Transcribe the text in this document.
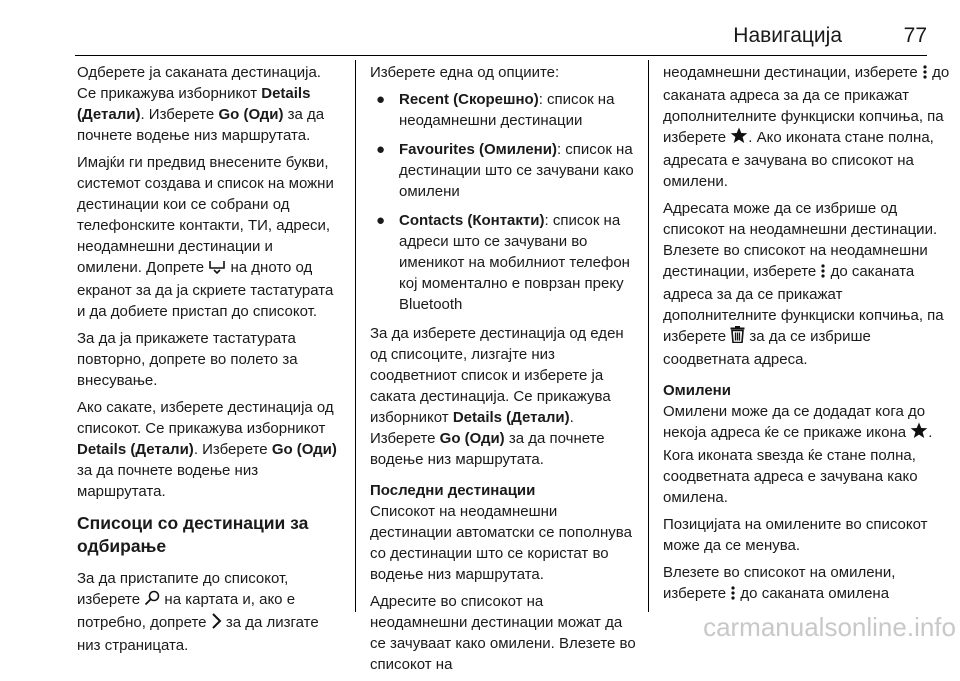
Навигација	77

Одберете ја саканата дестинација. Се прикажува изборникот Details (Детали). Изберете Go (Оди) за да почнете водење низ маршрутата.

Имајќи ги предвид внесените букви, системот создава и список на можни дестинации кои се собрани од телефонските контакти, ТИ, адреси, неодамнешни дестинации и омилени. Допрете  на дното од екранот за да ја скриете тастатурата и да добиете пристап до списокот.

За да ја прикажете тастатурата повторно, допрете во полето за внесување.

Ако сакате, изберете дестинација од списокот. Се прикажува изборникот Details (Детали). Изберете Go (Оди) за да почнете водење низ маршрутата.

Списоци со дестинации за одбирање

За да пристапите до списокот, изберете  на картата и, ако е потребно, допрете  за да лизгате низ страницата.

Изберете една од опциите:

● Recent (Скорешно): список на неодамнешни дестинации
● Favourites (Омилени): список на дестинации што се зачувани како омилени
● Contacts (Контакти): список на адреси што се зачувани во именикот на мобилниот телефон кој моментално е поврзан преку Bluetooth

За да изберете дестинација од еден од списоците, лизгајте низ соодветниот список и изберете ја саката дестинација. Се прикажува изборникот Details (Детали). Изберете Go (Оди) за да почнете водење низ маршрутата.

Последни дестинации

Списокот на неодамнешни дестинации автоматски се пополнува со дестинации што се користат во водење низ маршрутата.

Адресите во списокот на неодамнешни дестинации можат да се зачуваат како омилени. Влезете во списокот на

неодамнешни дестинации, изберете  до саканата адреса за да се прикажат дополнителните функциски копчиња, па изберете . Ако иконата стане полна, адресата е зачувана во списокот на омилени.

Адресата може да се избрише од списокот на неодамнешни дестинации. Влезете во списокот на неодамнешни дестинации, изберете  до саканата адреса за да се прикажат дополнителните функциски копчиња, па изберете  за да се избрише соодветната адреса.

Омилени

Омилени може да се додадат кога до некоја адреса ќе се прикаже икона . Кога иконата ѕвезда ќе стане полна, соодветната адреса е зачувана како омилена.

Позицијата на омилените во списокот може да се менува.

Влезете во списокот на омилени, изберете  до саканата омилена

carmanualsonline.info
